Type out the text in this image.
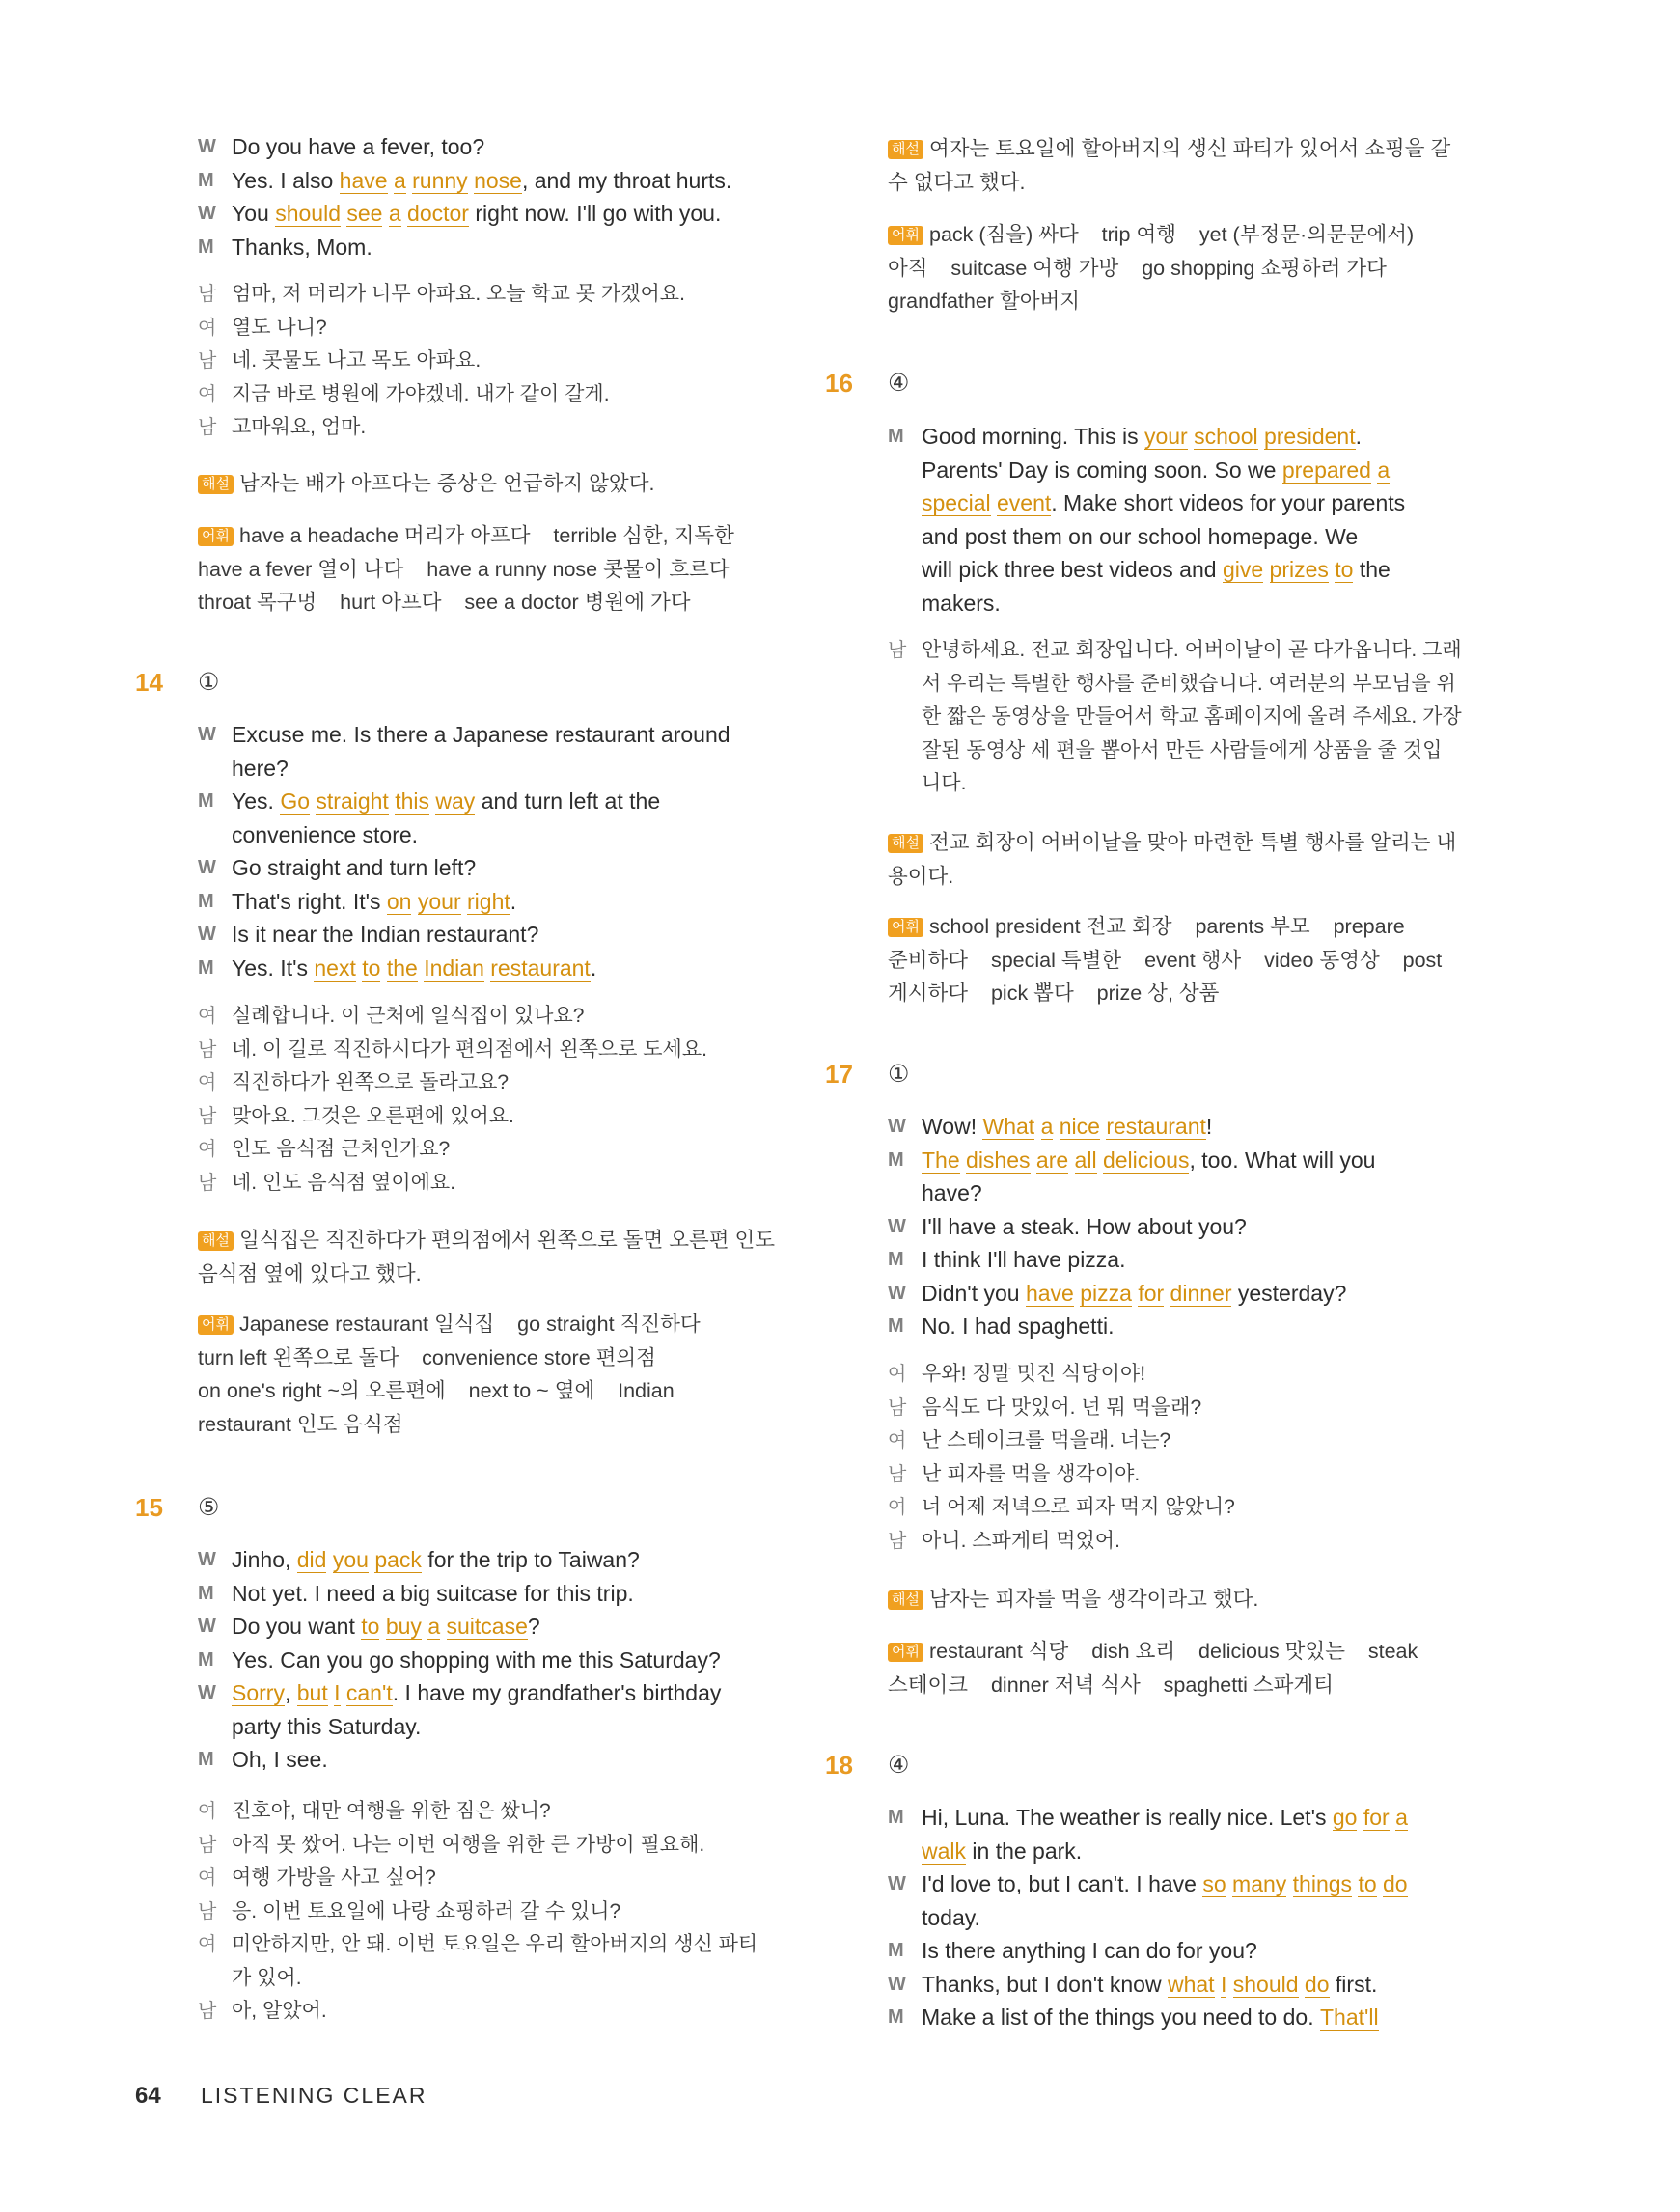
W Do you have a fever, too?
M Yes. I also have a runny nose, and my throat hurts.
W You should see a doctor right now. I'll go with you.
M Thanks, Mom.
남 엄마, 저 머리가 너무 아파요. 오늘 학교 못 가겠어요.
여 열도 나니?
남 네. 콧물도 나고 목도 아파요.
여 지금 바로 병원에 가야겠네. 내가 같이 갈게.
남 고마워요, 엄마.
해설 남자는 배가 아프다는 증상은 언급하지 않았다.
어휘 have a headache 머리가 아프다    terrible 심한, 지독한
have a fever 열이 나다    have a runny nose 콧물이 흐르다
throat 목구멍    hurt 아프다    see a doctor 병원에 가다
14 ①
W Excuse me. Is there a Japanese restaurant around
here?
M Yes. Go straight this way and turn left at the
convenience store.
W Go straight and turn left?
M That's right. It's on your right.
W Is it near the Indian restaurant?
M Yes. It's next to the Indian restaurant.
여 실례합니다. 이 근처에 일식집이 있나요?
남 네. 이 길로 직진하시다가 편의점에서 왼쪽으로 도세요.
여 직진하다가 왼쪽으로 돌라고요?
남 맞아요. 그것은 오른편에 있어요.
여 인도 음식점 근처인가요?
남 네. 인도 음식점 옆이에요.
해설 일식집은 직진하다가 편의점에서 왼쪽으로 돌면 오른편 인도
음식점 옆에 있다고 했다.
어휘 Japanese restaurant 일식집    go straight 직진하다
turn left 왼쪽으로 돌다    convenience store 편의점
on one's right ~의 오른편에    next to ~ 옆에    Indian
restaurant 인도 음식점
15 ⑤
W Jinho, did you pack for the trip to Taiwan?
M Not yet. I need a big suitcase for this trip.
W Do you want to buy a suitcase?
M Yes. Can you go shopping with me this Saturday?
W Sorry, but I can't. I have my grandfather's birthday
party this Saturday.
M Oh, I see.
여 진호야, 대만 여행을 위한 짐은 쌌니?
남 아직 못 쌌어. 나는 이번 여행을 위한 큰 가방이 필요해.
여 여행 가방을 사고 싶어?
남 응. 이번 토요일에 나랑 쇼핑하러 갈 수 있니?
여 미안하지만, 안 돼. 이번 토요일은 우리 할아버지의 생신 파티
가 있어.
남 아, 알았어.
해설 여자는 토요일에 할아버지의 생신 파티가 있어서 쇼핑을 갈
수 없다고 했다.
어휘 pack (짐을) 싸다    trip 여행    yet (부정문·의문문에서)
아직    suitcase 여행 가방    go shopping 쇼핑하러 가다
grandfather 할아버지
16 ④
M Good morning. This is your school president.
Parents' Day is coming soon. So we prepared a
special event. Make short videos for your parents
and post them on our school homepage. We
will pick three best videos and give prizes to the
makers.
남 안녕하세요. 전교 회장입니다. 어버이날이 곧 다가옵니다. 그래
서 우리는 특별한 행사를 준비했습니다. 여러분의 부모님을 위
한 짧은 동영상을 만들어서 학교 홈페이지에 올려 주세요. 가장
잘된 동영상 세 편을 뽑아서 만든 사람들에게 상품을 줄 것입
니다.
해설 전교 회장이 어버이날을 맞아 마련한 특별 행사를 알리는 내
용이다.
어휘 school president 전교 회장    parents 부모    prepare
준비하다    special 특별한    event 행사    video 동영상    post
게시하다    pick 뽑다    prize 상, 상품
17 ①
W Wow! What a nice restaurant!
M The dishes are all delicious, too. What will you
have?
W I'll have a steak. How about you?
M I think I'll have pizza.
W Didn't you have pizza for dinner yesterday?
M No. I had spaghetti.
여 우와! 정말 멋진 식당이야!
남 음식도 다 맛있어. 넌 뭐 먹을래?
여 난 스테이크를 먹을래. 너는?
남 난 피자를 먹을 생각이야.
여 너 어제 저녁으로 피자 먹지 않았니?
남 아니. 스파게티 먹었어.
해설 남자는 피자를 먹을 생각이라고 했다.
어휘 restaurant 식당    dish 요리    delicious 맛있는    steak
스테이크    dinner 저녁 식사    spaghetti 스파게티
18 ④
M Hi, Luna. The weather is really nice. Let's go for a
walk in the park.
W I'd love to, but I can't. I have so many things to do
today.
M Is there anything I can do for you?
W Thanks, but I don't know what I should do first.
M Make a list of the things you need to do. That'll
64 LISTENING CLEAR
